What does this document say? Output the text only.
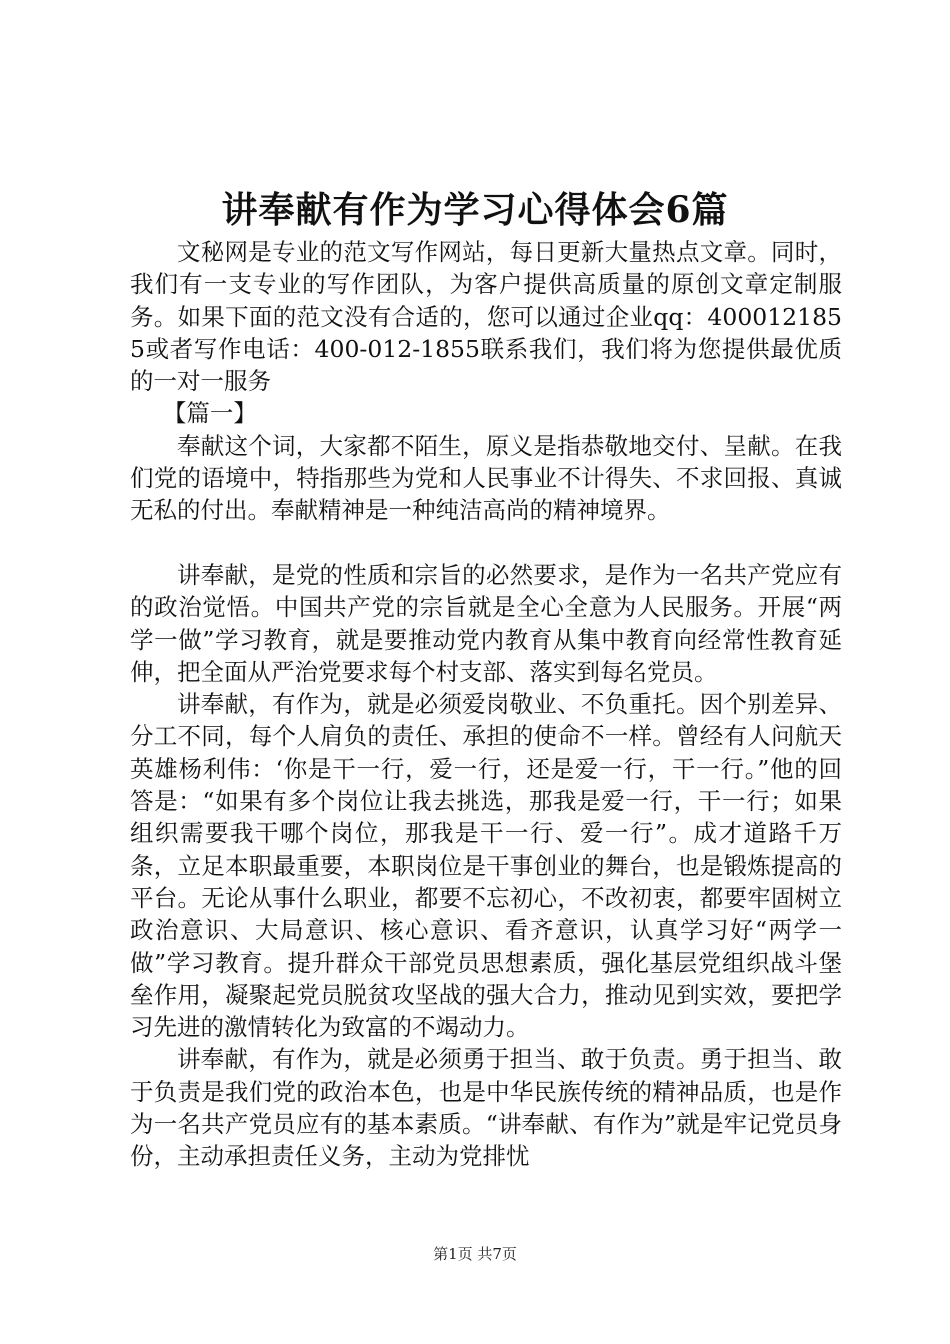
讲奉献有作为学习心得体会6篇

文秘网是专业的范文写作网站，每日更新大量热点文章。同时，我们有一支专业的写作团队，为客户提供高质量的原创文章定制服务。如果下面的范文没有合适的，您可以通过企业qq：4000121855或者写作电话：400-012-1855联系我们，我们将为您提供最优质的一对一服务

【篇一】

奉献这个词，大家都不陌生，原义是指恭敬地交付、呈献。在我们党的语境中，特指那些为党和人民事业不计得失、不求回报、真诚无私的付出。奉献精神是一种纯洁高尚的精神境界。

讲奉献，是党的性质和宗旨的必然要求，是作为一名共产党应有的政治觉悟。中国共产党的宗旨就是全心全意为人民服务。开展“两学一做”学习教育，就是要推动党内教育从集中教育向经常性教育延伸，把全面从严治党要求每个村支部、落实到每名党员。

讲奉献，有作为，就是必须爱岗敬业、不负重托。因个别差异、分工不同，每个人肩负的责任、承担的使命不一样。曾经有人问航天英雄杨利伟：‘你是干一行，爱一行，还是爱一行，干一行。”他的回答是：“如果有多个岗位让我去挑选，那我是爱一行，干一行；如果组织需要我干哪个岗位，那我是干一行、爱一行”。成才道路千万条，立足本职最重要，本职岗位是干事创业的舞台，也是锻炼提高的平台。无论从事什么职业，都要不忘初心，不改初衷，都要牢固树立政治意识、大局意识、核心意识、看齐意识，认真学习好“两学一做”学习教育。提升群众干部党员思想素质，强化基层党组织战斗堡垒作用，凝聚起党员脱贫攻坚战的强大合力，推动见到实效，要把学习先进的激情转化为致富的不竭动力。

讲奉献，有作为，就是必须勇于担当、敢于负责。勇于担当、敢于负责是我们党的政治本色，也是中华民族传统的精神品质，也是作为一名共产党员应有的基本素质。“讲奉献、有作为”就是牢记党员身份，主动承担责任义务，主动为党排忧

第1页 共7页
